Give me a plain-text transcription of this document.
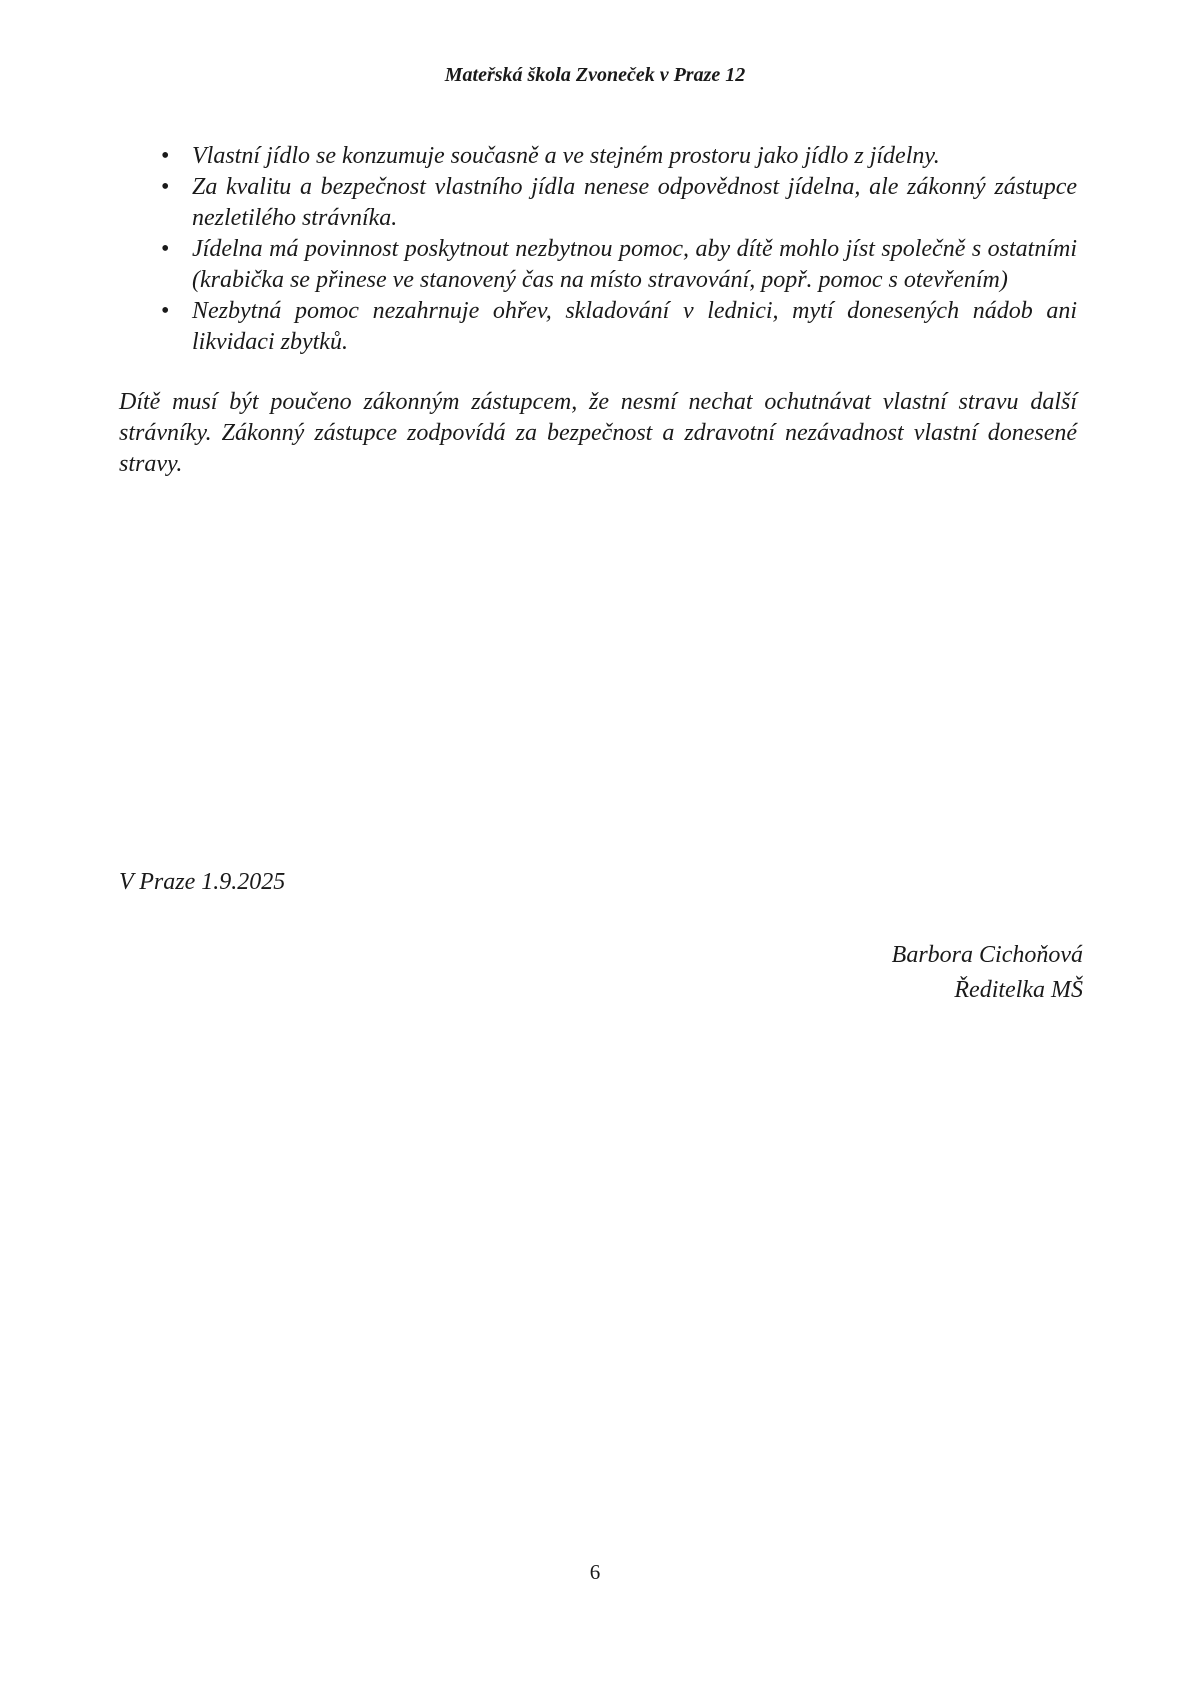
Mateřská škola Zvoneček v Praze 12
• Vlastní jídlo se konzumuje současně a ve stejném prostoru jako jídlo z jídelny.
• Za kvalitu a bezpečnost vlastního jídla nenese odpovědnost jídelna, ale zákonný zástupce nezletilého strávníka.
• Jídelna má povinnost poskytnout nezbytnou pomoc, aby dítě mohlo jíst společně s ostatními (krabička se přinese ve stanovený čas na místo stravování, popř. pomoc s otevřením)
• Nezbytná pomoc nezahrnuje ohřev, skladování v lednici, mytí donesených nádob ani likvidaci zbytků.

Dítě musí být poučeno zákonným zástupcem, že nesmí nechat ochutnávat vlastní stravu další strávníky. Zákonný zástupce zodpovídá za bezpečnost a zdravotní nezávadnost vlastní donesené stravy.

V Praze 1.9.2025
Barbora Cichoňová
Ředitelka MŠ
6
